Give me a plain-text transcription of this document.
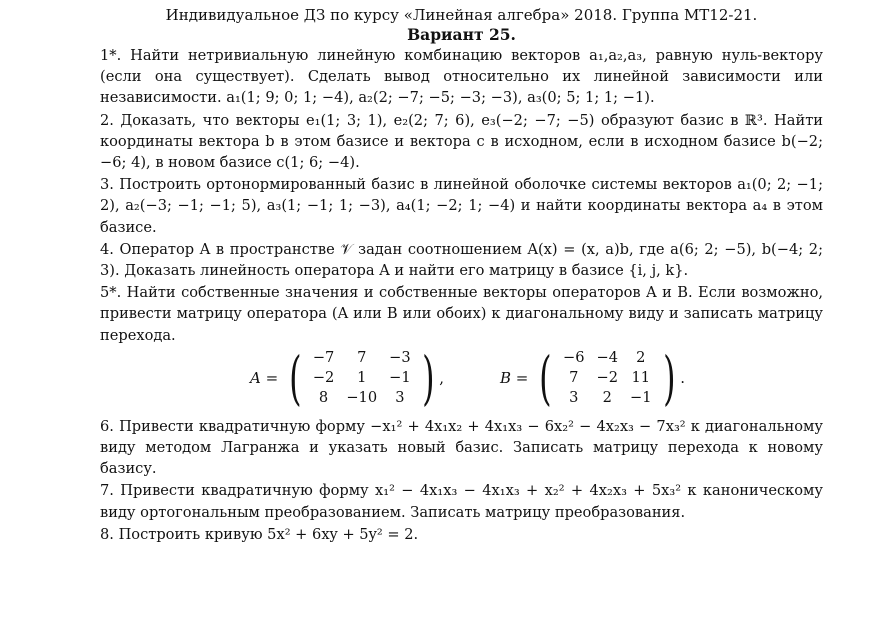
Индивидуальное ДЗ по курсу «Линейная алгебра» 2018. Группа МТ12-21.
Вариант 25.
1*. Найти нетривиальную линейную комбинацию векторов a₁,a₂,a₃, равную нуль-вектору (если она существует). Сделать вывод относительно их линейной зависимости или независимости. a₁(1; 9; 0; 1; −4), a₂(2; −7; −5; −3; −3), a₃(0; 5; 1; 1; −1).
2. Доказать, что векторы e₁(1; 3; 1), e₂(2; 7; 6), e₃(−2; −7; −5) образуют базис в ℝ³. Найти координаты вектора b в этом базисе и вектора c в исходном, если в исходном базисе b(−2; −6; 4), в новом базисе c(1; 6; −4).
3. Построить ортонормированный базис в линейной оболочке системы векторов a₁(0; 2; −1; 2), a₂(−3; −1; −1; 5), a₃(1; −1; 1; −3), a₄(1; −2; 1; −4) и найти координаты вектора a₄ в этом базисе.
4. Оператор A в пространстве 𝒱 задан соотношением A(x) = (x, a)b, где a(6; 2; −5), b(−4; 2; 3). Доказать линейность оператора A и найти его матрицу в базисе {i, j, k}.
5*. Найти собственные значения и собственные векторы операторов A и B. Если возможно, привести матрицу оператора (A или B или обоих) к диагональному виду и записать матрицу перехода.
A = ( −7	7	−3
−2	1	−1
8	−10	3 ) ,	B = ( −6	−4	2
7	−2	11
3	2	−1 ) .
6. Привести квадратичную форму −x₁² + 4x₁x₂ + 4x₁x₃ − 6x₂² − 4x₂x₃ − 7x₃² к диагональному виду методом Лагранжа и указать новый базис. Записать матрицу перехода к новому базису.
7. Привести квадратичную форму x₁² − 4x₁x₃ − 4x₁x₃ + x₂² + 4x₂x₃ + 5x₃² к каноническому виду ортогональным преобразованием. Записать матрицу преобразования.
8. Построить кривую 5x² + 6xy + 5y² = 2.
